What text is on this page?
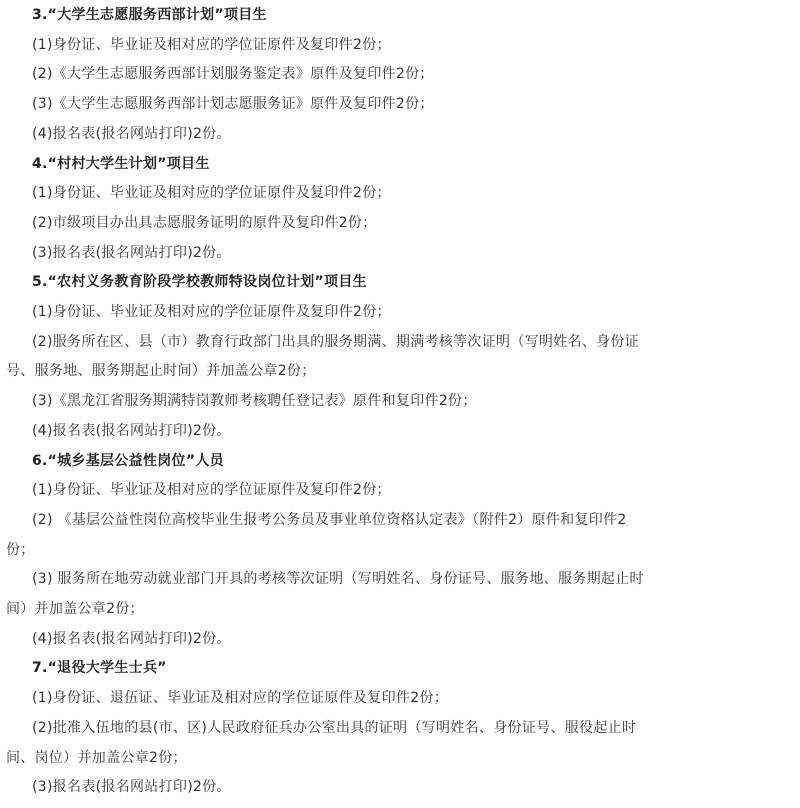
3.“大学生志愿服务西部计划”项目生
(1)身份证、毕业证及相对应的学位证原件及复印件2份；
(2)《大学生志愿服务西部计划服务鉴定表》原件及复印件2份；
(3)《大学生志愿服务西部计划志愿服务证》原件及复印件2份；
(4)报名表(报名网站打印)2份。
4.“村村大学生计划”项目生
(1)身份证、毕业证及相对应的学位证原件及复印件2份；
(2)市级项目办出具志愿服务证明的原件及复印件2份；
(3)报名表(报名网站打印)2份。
5.“农村义务教育阶段学校教师特设岗位计划”项目生
(1)身份证、毕业证及相对应的学位证原件及复印件2份；
(2)服务所在区、县（市）教育行政部门出具的服务期满、期满考核等次证明（写明姓名、身份证
号、服务地、服务期起止时间）并加盖公章2份；
(3)《黑龙江省服务期满特岗教师考核聘任登记表》原件和复印件2份；
(4)报名表(报名网站打印)2份。
6.“城乡基层公益性岗位”人员
(1)身份证、毕业证及相对应的学位证原件及复印件2份；
(2) 《基层公益性岗位高校毕业生报考公务员及事业单位资格认定表》（附件2）原件和复印件2
份；
(3) 服务所在地劳动就业部门开具的考核等次证明（写明姓名、身份证号、服务地、服务期起止时
间）并加盖公章2份；
(4)报名表(报名网站打印)2份。
7.“退役大学生士兵”
(1)身份证、退伍证、毕业证及相对应的学位证原件及复印件2份；
(2)批准入伍地的县(市、区)人民政府征兵办公室出具的证明（写明姓名、身份证号、服役起止时
间、岗位）并加盖公章2份；
(3)报名表(报名网站打印)2份。
